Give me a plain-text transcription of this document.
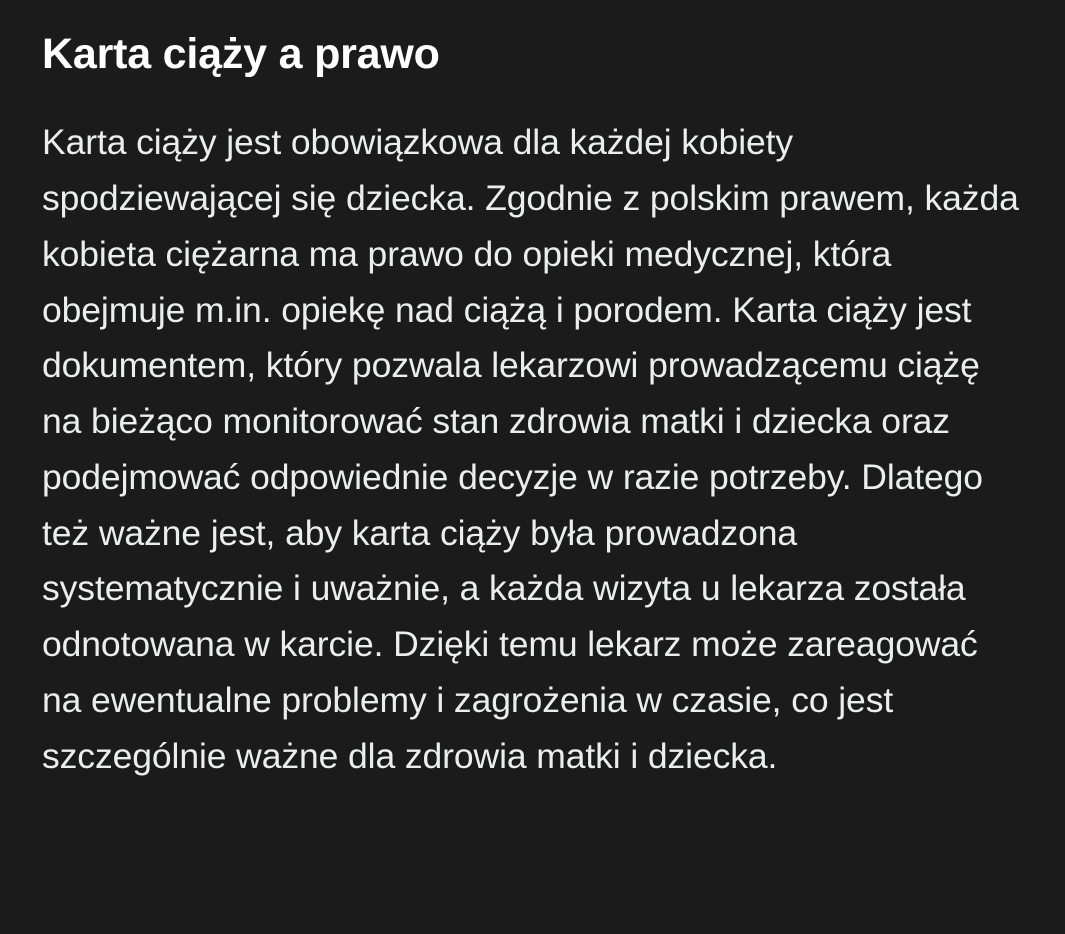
Karta ciąży a prawo

Karta ciąży jest obowiązkowa dla każdej kobiety spodziewającej się dziecka. Zgodnie z polskim prawem, każda kobieta ciężarna ma prawo do opieki medycznej, która obejmuje m.in. opiekę nad ciążą i porodem. Karta ciąży jest dokumentem, który pozwala lekarzowi prowadzącemu ciążę na bieżąco monitorować stan zdrowia matki i dziecka oraz podejmować odpowiednie decyzje w razie potrzeby. Dlatego też ważne jest, aby karta ciąży była prowadzona systematycznie i uważnie, a każda wizyta u lekarza została odnotowana w karcie. Dzięki temu lekarz może zareagować na ewentualne problemy i zagrożenia w czasie, co jest szczególnie ważne dla zdrowia matki i dziecka.
